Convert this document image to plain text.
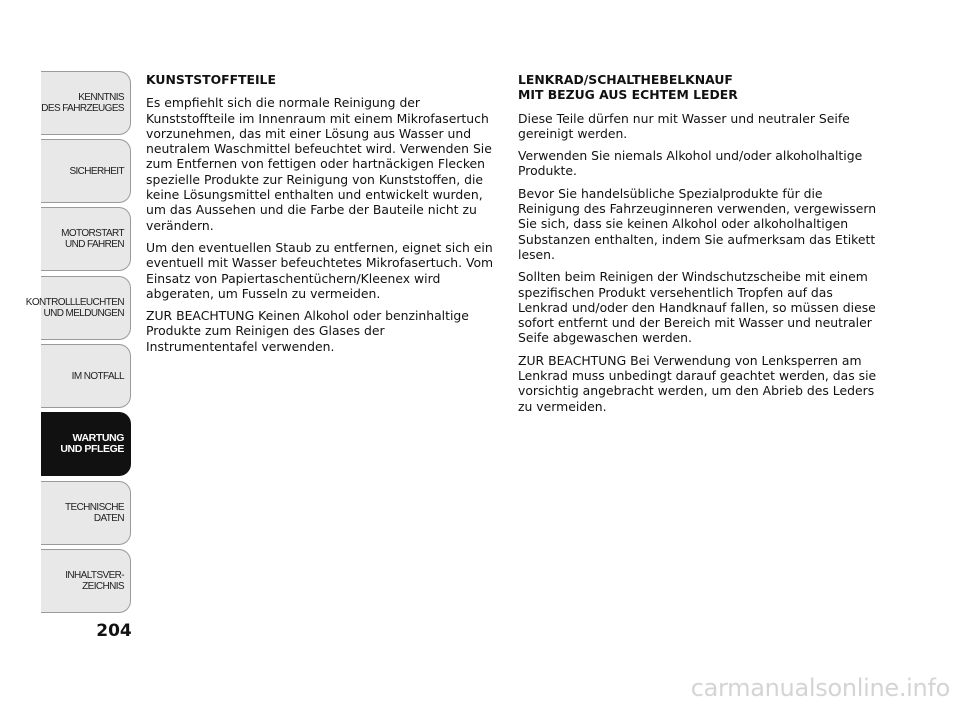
KENNTNIS
DES FAHRZEUGES
SICHERHEIT
MOTORSTART
UND FAHREN
KONTROLLLEUCHTEN
UND MELDUNGEN
IM NOTFALL
WARTUNG
UND PFLEGE
TECHNISCHE
DATEN
INHALTSVER-
ZEICHNIS
204
KUNSTSTOFFTEILE

Es empfiehlt sich die normale Reinigung der Kunststoffteile im Innenraum mit einem Mikrofasertuch vorzunehmen, das mit einer Lösung aus Wasser und neutralem Waschmittel befeuchtet wird. Verwenden Sie zum Entfernen von fettigen oder hartnäckigen Flecken spezielle Produkte zur Reinigung von Kunststoffen, die keine Lösungsmittel enthalten und entwickelt wurden, um das Aussehen und die Farbe der Bauteile nicht zu verändern.

Um den eventuellen Staub zu entfernen, eignet sich ein eventuell mit Wasser befeuchtetes Mikrofasertuch. Vom Einsatz von Papiertaschentüchern/Kleenex wird abgeraten, um Fusseln zu vermeiden.

ZUR BEACHTUNG Keinen Alkohol oder benzinhaltige Produkte zum Reinigen des Glases der Instrumententafel verwenden.

LENKRAD/SCHALTHEBELKNAUF
MIT BEZUG AUS ECHTEM LEDER

Diese Teile dürfen nur mit Wasser und neutraler Seife gereinigt werden.

Verwenden Sie niemals Alkohol und/oder alkoholhaltige Produkte.

Bevor Sie handelsübliche Spezialprodukte für die Reinigung des Fahrzeuginneren verwenden, vergewissern Sie sich, dass sie keinen Alkohol oder alkoholhaltigen Substanzen enthalten, indem Sie aufmerksam das Etikett lesen.

Sollten beim Reinigen der Windschutzscheibe mit einem spezifischen Produkt versehentlich Tropfen auf das Lenkrad und/oder den Handknauf fallen, so müssen diese sofort entfernt und der Bereich mit Wasser und neutraler Seife abgewaschen werden.

ZUR BEACHTUNG Bei Verwendung von Lenksperren am Lenkrad muss unbedingt darauf geachtet werden, das sie vorsichtig angebracht werden, um den Abrieb des Leders zu vermeiden.

carmanualsonline.info
